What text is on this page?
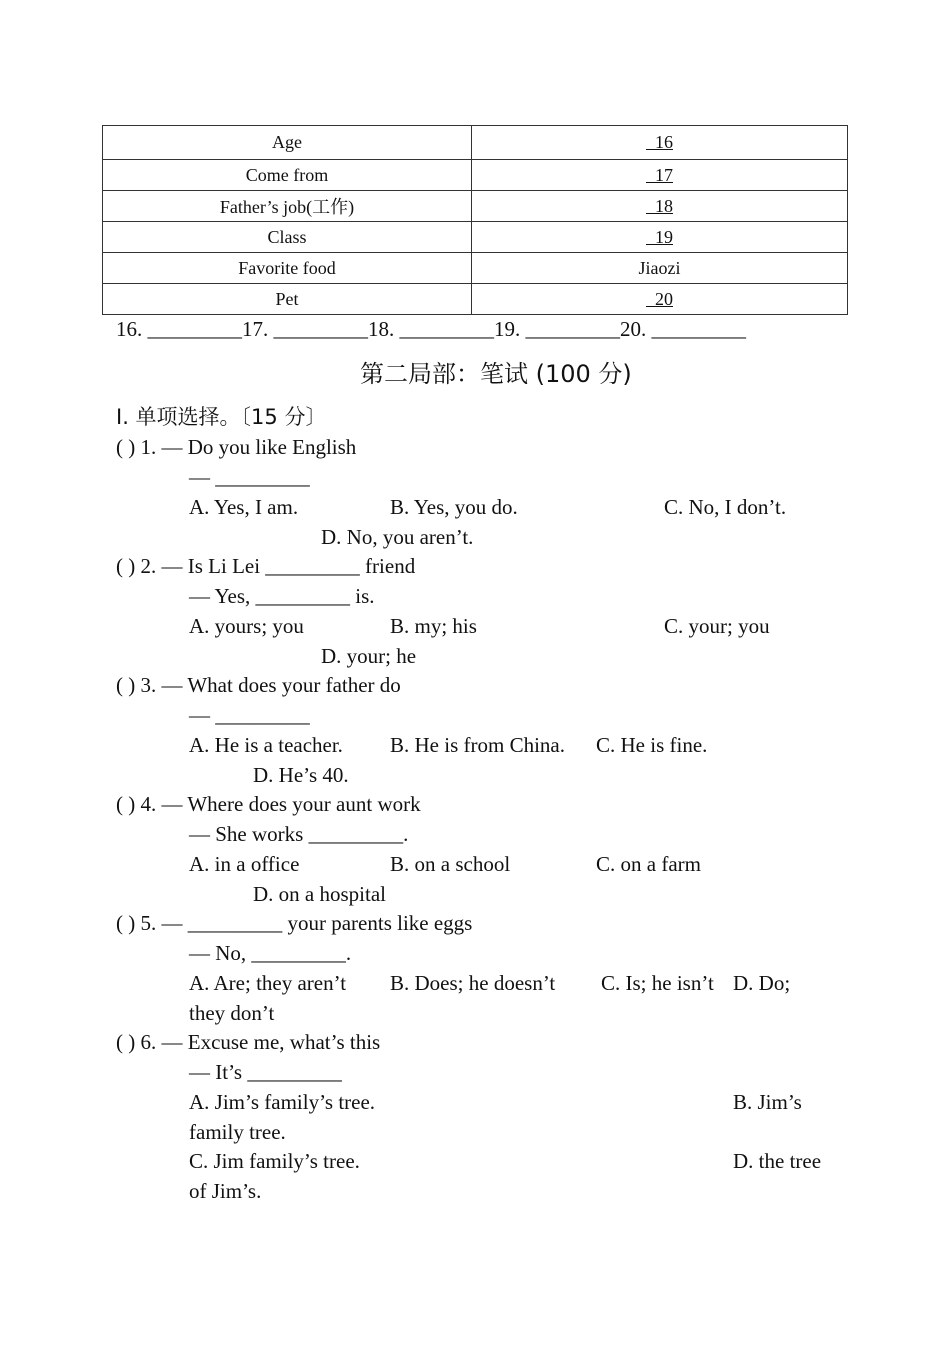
Age	16
Come from	17
Father’s job(工作)	18
Class	19
Favorite food	Jiaozi
Pet	20
16. _________17. _________18. _________19. _________20. _________
第二局部：笔试 (100 分)
Ⅰ. 单项选择。〔15 分〕
( ) 1. — Do you like English
— _________
A. Yes, I am.	B. Yes, you do.	C. No, I don’t.
D. No, you aren’t.
( ) 2. — Is Li Lei _________ friend
— Yes, _________ is.
A. yours; you	B. my; his	C. your; you
D. your; he
( ) 3. — What does your father do
— _________
A. He is a teacher. B. He is from China. C. He is fine.
D. He’s 40.
( ) 4. — Where does your aunt work
— She works _________.
A. in a office	B. on a school	C. on a farm
D. on a hospital
( ) 5. — _________ your parents like eggs
— No, _________.
A. Are; they aren’t B. Does; he doesn’t C. Is; he isn’t D. Do;
they don’t
( ) 6. — Excuse me, what’s this
— It’s _________
A. Jim’s family’s tree.	B. Jim’s
family tree.
C. Jim family’s tree.	D. the tree
of Jim’s.
